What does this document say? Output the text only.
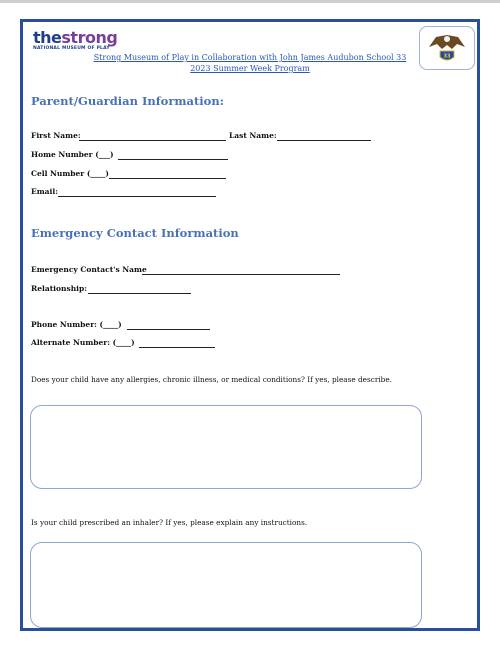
thestrong
NATIONAL MUSEUM OF PLAY
Strong Museum of Play in Collaboration with John James Audubon School 33
2023 Summer Week Program
33
Parent/Guardian Information:
First Name:	Last Name:
Home Number (___)
Cell Number (____)
Email:
Emergency Contact Information
Emergency Contact's Name
Relationship:
Phone Number: (____)
Alternate Number: (____)
Does your child have any allergies, chronic illness, or medical conditions? If yes, please describe.
Is your child prescribed an inhaler? If yes, please explain any instructions.
